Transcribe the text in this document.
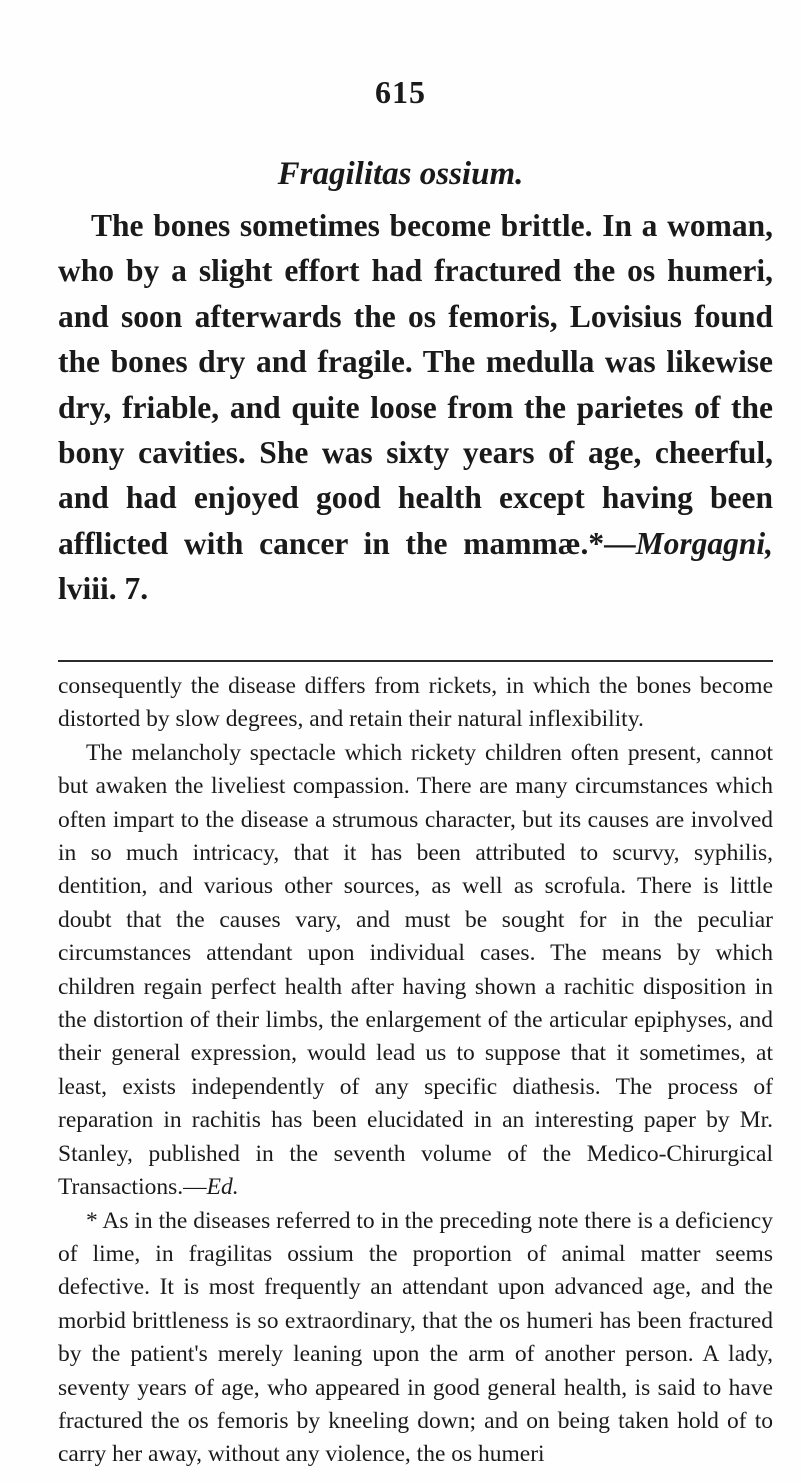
615
Fragilitas ossium.

The bones sometimes become brittle. In a woman, who by a slight effort had fractured the os humeri, and soon afterwards the os femoris, Lovisius found the bones dry and fragile. The medulla was likewise dry, friable, and quite loose from the parietes of the bony cavities. She was sixty years of age, cheerful, and had enjoyed good health except having been afflicted with cancer in the mammæ.*—Morgagni, lviii. 7.

consequently the disease differs from rickets, in which the bones become distorted by slow degrees, and retain their natural inflexibility.

The melancholy spectacle which rickety children often present, cannot but awaken the liveliest compassion. There are many circumstances which often impart to the disease a strumous character, but its causes are involved in so much intricacy, that it has been attributed to scurvy, syphilis, dentition, and various other sources, as well as scrofula. There is little doubt that the causes vary, and must be sought for in the peculiar circumstances attendant upon individual cases. The means by which children regain perfect health after having shown a rachitic disposition in the distortion of their limbs, the enlargement of the articular epiphyses, and their general expression, would lead us to suppose that it sometimes, at least, exists independently of any specific diathesis. The process of reparation in rachitis has been elucidated in an interesting paper by Mr. Stanley, published in the seventh volume of the Medico-Chirurgical Transactions.—Ed.

* As in the diseases referred to in the preceding note there is a deficiency of lime, in fragilitas ossium the proportion of animal matter seems defective. It is most frequently an attendant upon advanced age, and the morbid brittleness is so extraordinary, that the os humeri has been fractured by the patient's merely leaning upon the arm of another person. A lady, seventy years of age, who appeared in good general health, is said to have fractured the os femoris by kneeling down; and on being taken hold of to carry her away, without any violence, the os humeri
